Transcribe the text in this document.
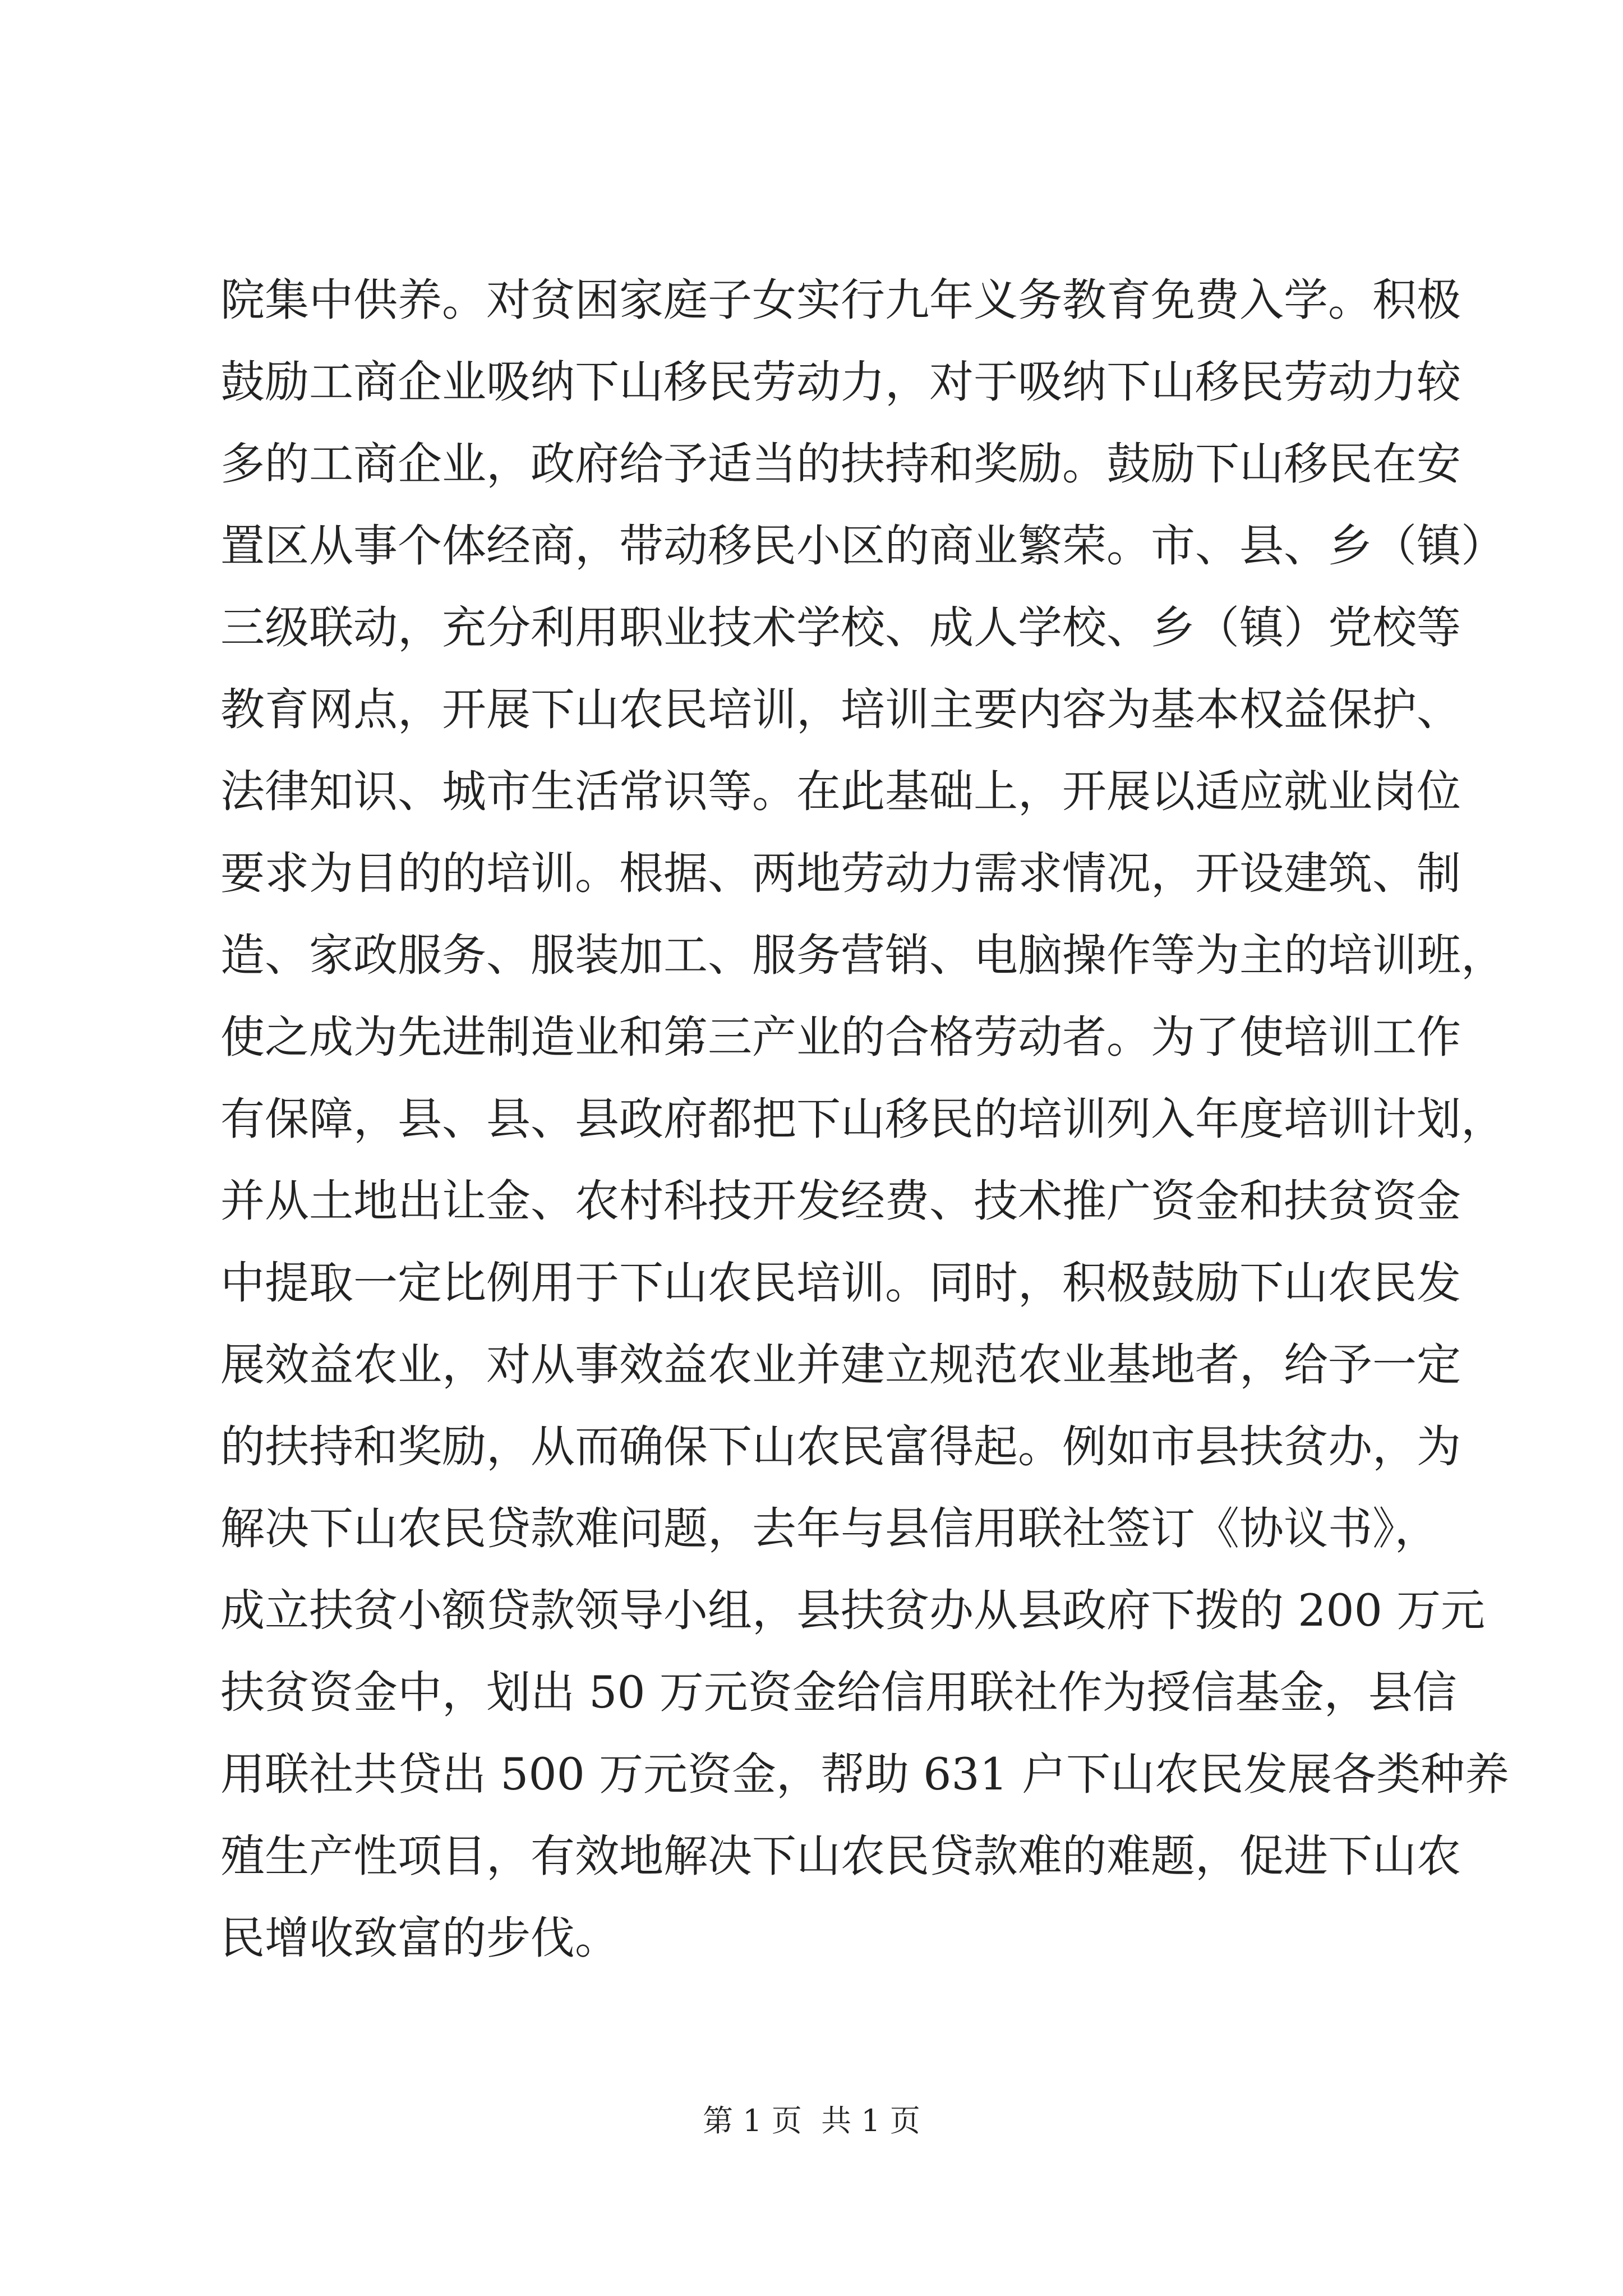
院集中供养。对贫困家庭子女实行九年义务教育免费入学。积极
鼓励工商企业吸纳下山移民劳动力，对于吸纳下山移民劳动力较
多的工商企业，政府给予适当的扶持和奖励。鼓励下山移民在安
置区从事个体经商，带动移民小区的商业繁荣。市、县、乡（镇）
三级联动，充分利用职业技术学校、成人学校、乡（镇）党校等
教育网点，开展下山农民培训，培训主要内容为基本权益保护、
法律知识、城市生活常识等。在此基础上，开展以适应就业岗位
要求为目的的培训。根据、两地劳动力需求情况，开设建筑、制
造、家政服务、服装加工、服务营销、电脑操作等为主的培训班，
使之成为先进制造业和第三产业的合格劳动者。为了使培训工作
有保障，县、县、县政府都把下山移民的培训列入年度培训计划，
并从土地出让金、农村科技开发经费、技术推广资金和扶贫资金
中提取一定比例用于下山农民培训。同时，积极鼓励下山农民发
展效益农业，对从事效益农业并建立规范农业基地者，给予一定
的扶持和奖励，从而确保下山农民富得起。例如市县扶贫办，为
解决下山农民贷款难问题，去年与县信用联社签订《协议书》，
成立扶贫小额贷款领导小组，县扶贫办从县政府下拨的 200 万元
扶贫资金中，划出 50 万元资金给信用联社作为授信基金，县信
用联社共贷出 500 万元资金，帮助 631 户下山农民发展各类种养
殖生产性项目，有效地解决下山农民贷款难的难题，促进下山农
民增收致富的步伐。
第 1 页  共 1 页
